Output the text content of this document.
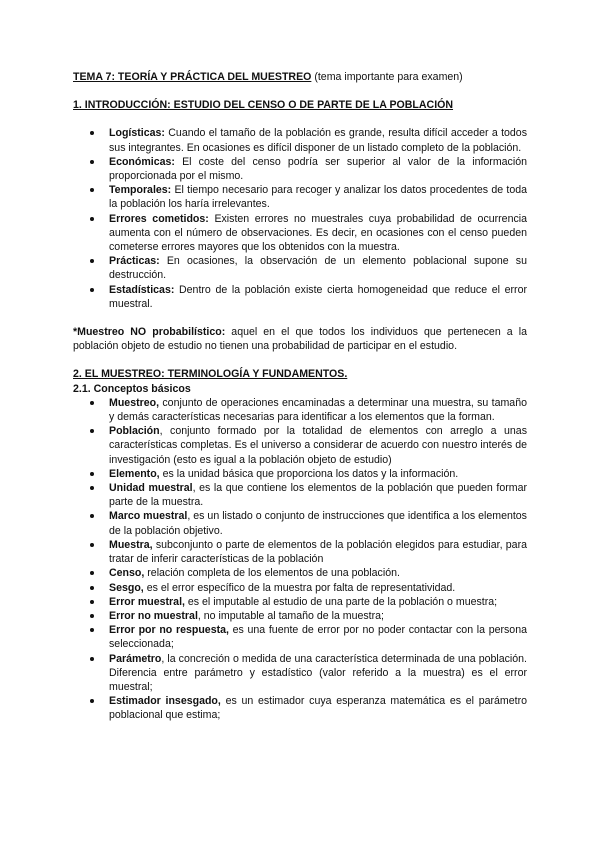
TEMA 7: TEORÍA Y PRÁCTICA DEL MUESTREO (tema importante para examen)

1. INTRODUCCIÓN: ESTUDIO DEL CENSO O DE PARTE DE LA POBLACIÓN

Logísticas: Cuando el tamaño de la población es grande, resulta difícil acceder a todos sus integrantes. En ocasiones es difícil disponer de un listado completo de la población.
Económicas: El coste del censo podría ser superior al valor de la información proporcionada por el mismo.
Temporales: El tiempo necesario para recoger y analizar los datos procedentes de toda la población los haría irrelevantes.
Errores cometidos: Existen errores no muestrales cuya probabilidad de ocurrencia aumenta con el número de observaciones. Es decir, en ocasiones con el censo pueden cometerse errores mayores que los obtenidos con la muestra.
Prácticas: En ocasiones, la observación de un elemento poblacional supone su destrucción.
Estadísticas: Dentro de la población existe cierta homogeneidad que reduce el error muestral.

*Muestreo NO probabilístico: aquel en el que todos los individuos que pertenecen a la población objeto de estudio no tienen una probabilidad de participar en el estudio.

2. EL MUESTREO: TERMINOLOGÍA Y FUNDAMENTOS.

2.1. Conceptos básicos

Muestreo, conjunto de operaciones encaminadas a determinar una muestra, su tamaño y demás características necesarias para identificar a los elementos que la forman.
Población, conjunto formado por la totalidad de elementos con arreglo a unas características completas. Es el universo a considerar de acuerdo con nuestro interés de investigación (esto es igual a la población objeto de estudio)
Elemento, es la unidad básica que proporciona los datos y la información.
Unidad muestral, es la que contiene los elementos de la población que pueden formar parte de la muestra.
Marco muestral, es un listado o conjunto de instrucciones que identifica a los elementos de la población objetivo.
Muestra, subconjunto o parte de elementos de la población elegidos para estudiar, para tratar de inferir características de la población
Censo, relación completa de los elementos de una población.
Sesgo, es el error específico de la muestra por falta de representatividad.
Error muestral, es el imputable al estudio de una parte de la población o muestra;
Error no muestral, no imputable al tamaño de la muestra;
Error por no respuesta, es una fuente de error por no poder contactar con la persona seleccionada;
Parámetro, la concreción o medida de una característica determinada de una población. Diferencia entre parámetro y estadístico (valor referido a la muestra) es el error muestral;
Estimador insesgado, es un estimador cuya esperanza matemática es el parámetro poblacional que estima;
